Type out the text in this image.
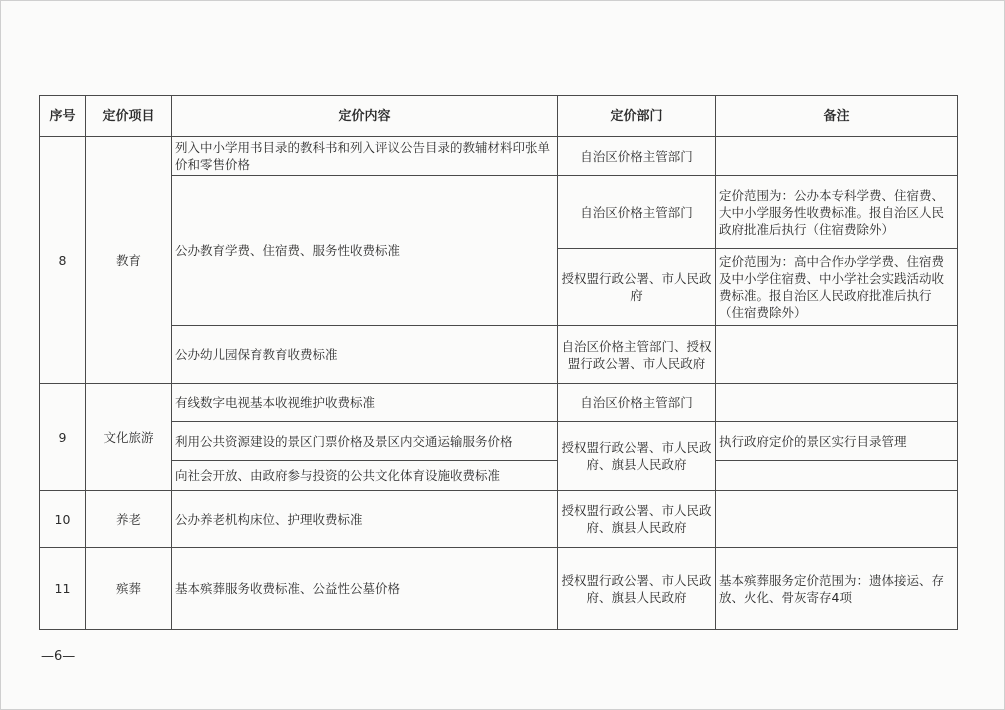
序号	定价项目	定价内容	定价部门	备注
8	教育	列入中小学用书目录的教科书和列入评议公告目录的教辅材料印张单价和零售价格	自治区价格主管部门	
		公办教育学费、住宿费、服务性收费标准	自治区价格主管部门	定价范围为：公办本专科学费、住宿费、大中小学服务性收费标准。报自治区人民政府批准后执行（住宿费除外）
			授权盟行政公署、市人民政府	定价范围为：高中合作办学学费、住宿费及中小学住宿费、中小学社会实践活动收费标准。报自治区人民政府批准后执行（住宿费除外）
		公办幼儿园保育教育收费标准	自治区价格主管部门、授权盟行政公署、市人民政府	
9	文化旅游	有线数字电视基本收视维护收费标准	自治区价格主管部门	
		利用公共资源建设的景区门票价格及景区内交通运输服务价格	授权盟行政公署、市人民政府、旗县人民政府	执行政府定价的景区实行目录管理
		向社会开放、由政府参与投资的公共文化体育设施收费标准		
10	养老	公办养老机构床位、护理收费标准	授权盟行政公署、市人民政府、旗县人民政府	
11	殡葬	基本殡葬服务收费标准、公益性公墓价格	授权盟行政公署、市人民政府、旗县人民政府	基本殡葬服务定价范围为：遗体接运、存放、火化、骨灰寄存4项
—6—
